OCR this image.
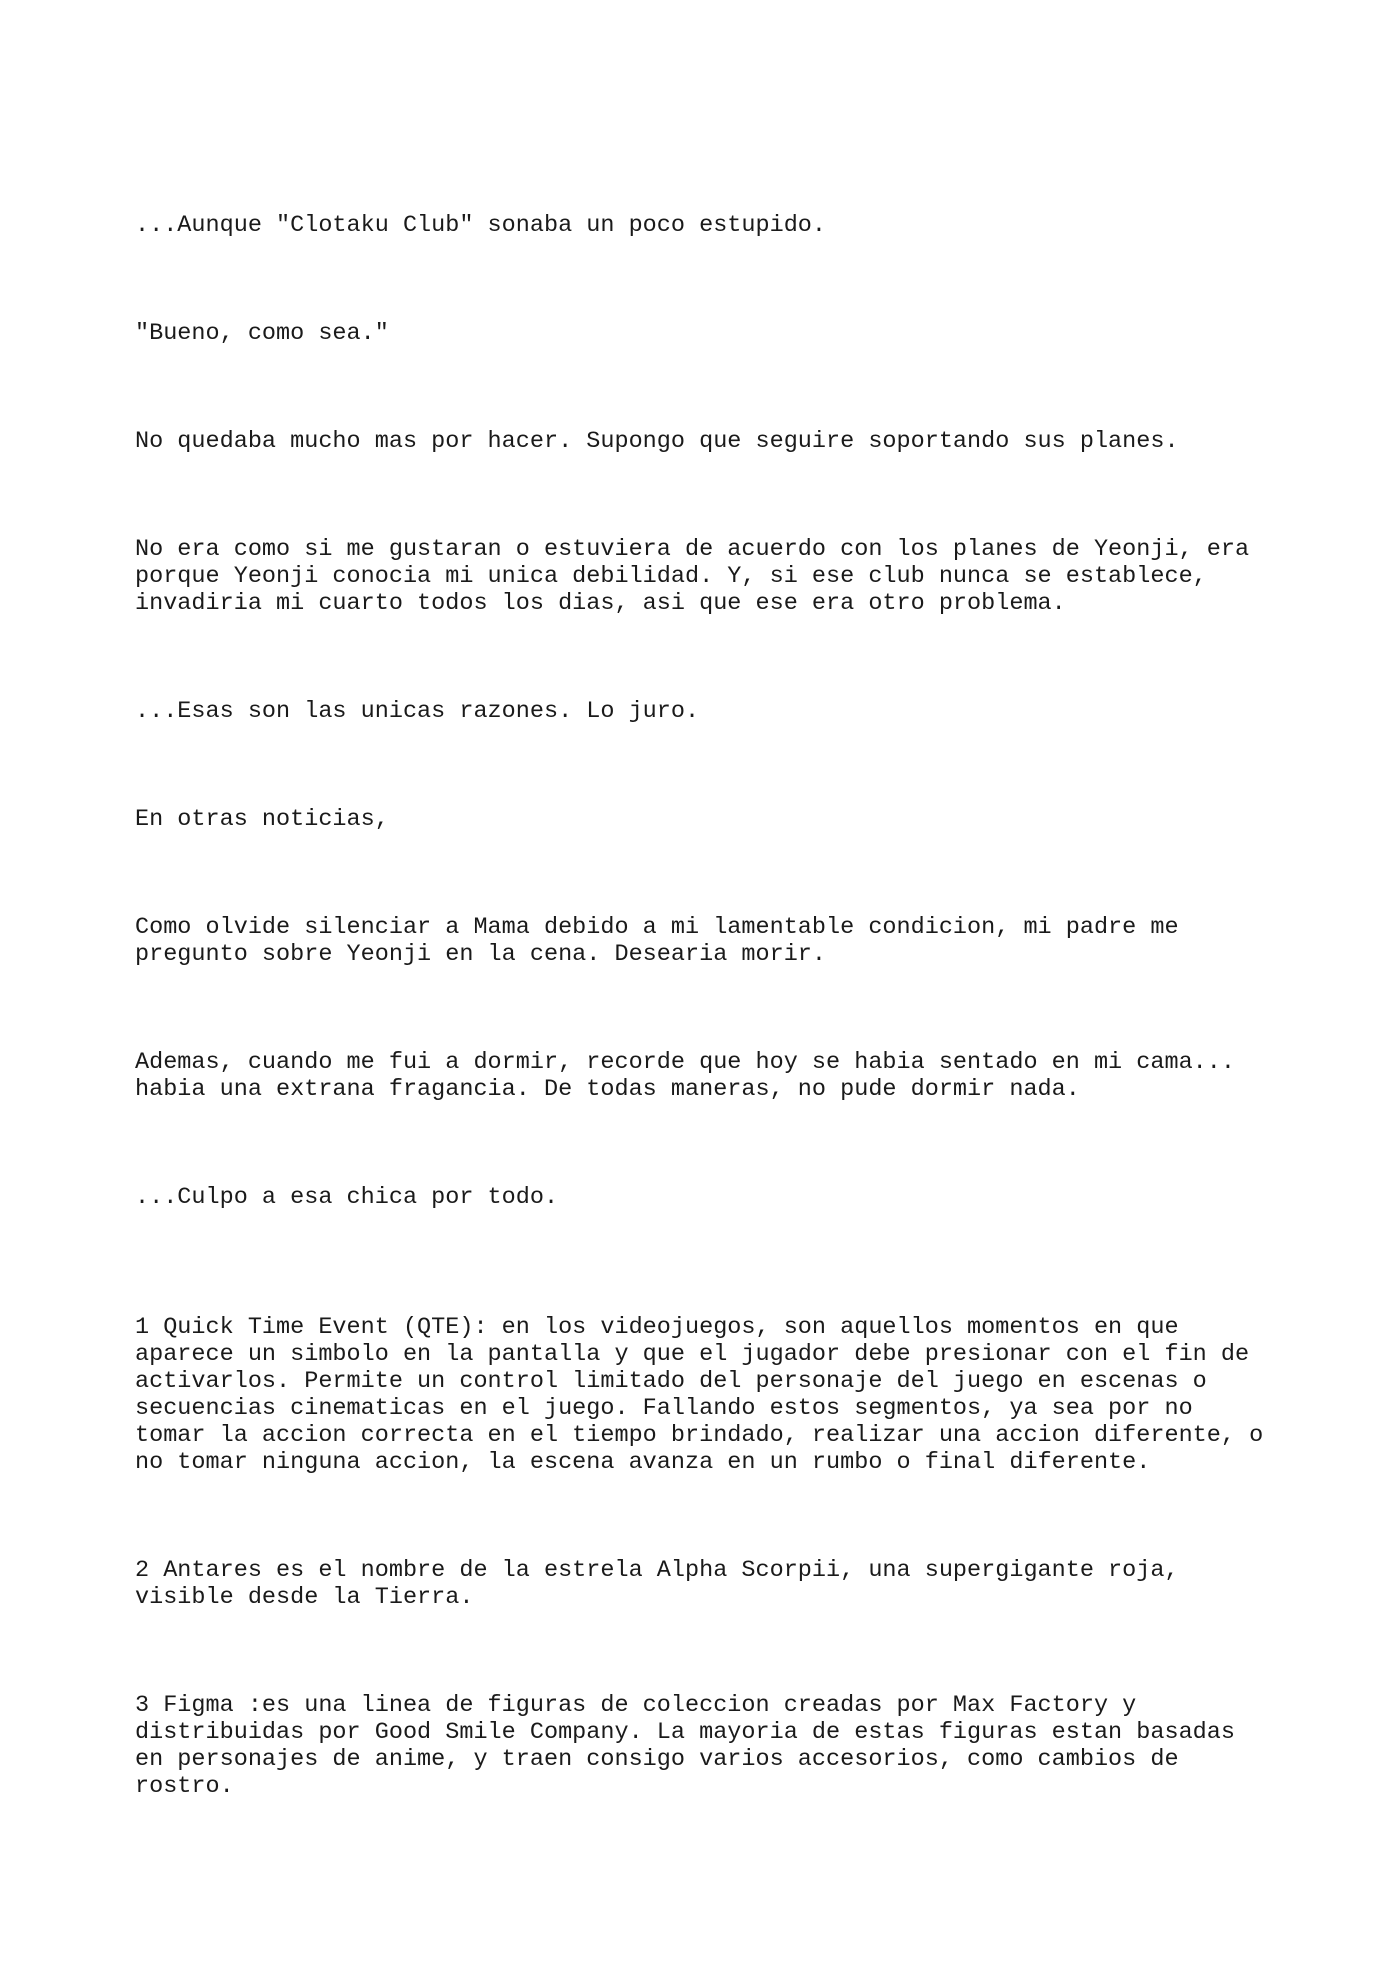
...Aunque "Clotaku Club" sonaba un poco estupido.

"Bueno, como sea."

No quedaba mucho mas por hacer. Supongo que seguire soportando sus planes.

No era como si me gustaran o estuviera de acuerdo con los planes de Yeonji, era
porque Yeonji conocia mi unica debilidad. Y, si ese club nunca se establece,
invadiria mi cuarto todos los dias, asi que ese era otro problema.

...Esas son las unicas razones. Lo juro.

En otras noticias,

Como olvide silenciar a Mama debido a mi lamentable condicion, mi padre me
pregunto sobre Yeonji en la cena. Desearia morir.

Ademas, cuando me fui a dormir, recorde que hoy se habia sentado en mi cama...
habia una extrana fragancia. De todas maneras, no pude dormir nada.

...Culpo a esa chica por todo.

1 Quick Time Event (QTE): en los videojuegos, son aquellos momentos en que
aparece un simbolo en la pantalla y que el jugador debe presionar con el fin de
activarlos. Permite un control limitado del personaje del juego en escenas o
secuencias cinematicas en el juego. Fallando estos segmentos, ya sea por no
tomar la accion correcta en el tiempo brindado, realizar una accion diferente, o
no tomar ninguna accion, la escena avanza en un rumbo o final diferente.

2 Antares es el nombre de la estrela Alpha Scorpii, una supergigante roja,
visible desde la Tierra.

3 Figma :es una linea de figuras de coleccion creadas por Max Factory y
distribuidas por Good Smile Company. La mayoria de estas figuras estan basadas
en personajes de anime, y traen consigo varios accesorios, como cambios de
rostro.
